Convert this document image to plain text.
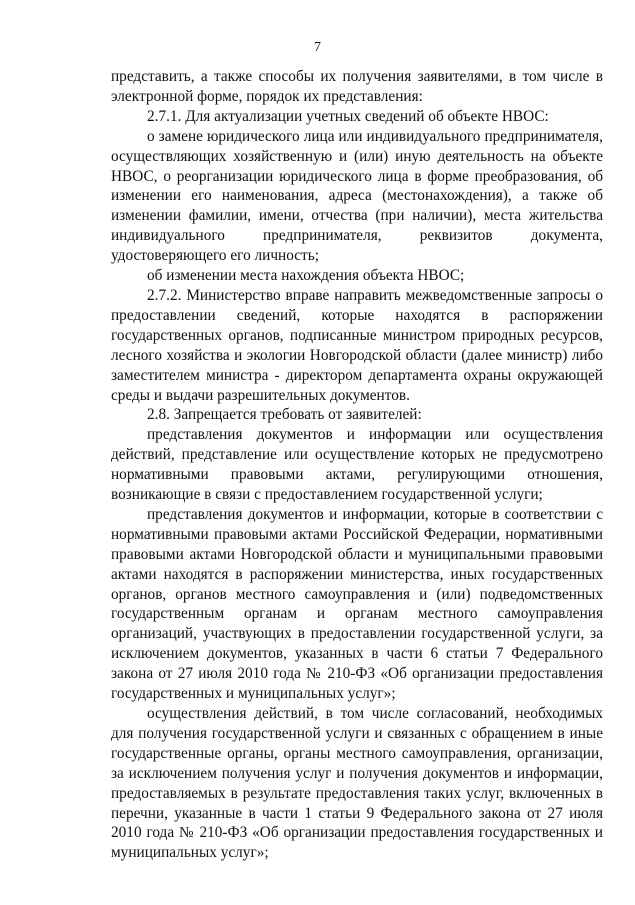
7

представить, а также способы их получения заявителями, в том числе в электронной форме, порядок их представления:

2.7.1. Для актуализации учетных сведений об объекте НВОС:

о замене юридического лица или индивидуального предпринимателя, осуществляющих хозяйственную и (или) иную деятельность на объекте НВОС, о реорганизации юридического лица в форме преобразования, об изменении его наименования, адреса (местонахождения), а также об изменении фамилии, имени, отчества (при наличии), места жительства индивидуального предпринимателя, реквизитов документа, удостоверяющего его личность;

об изменении места нахождения объекта НВОС;

2.7.2. Министерство вправе направить межведомственные запросы о предоставлении сведений, которые находятся в распоряжении государственных органов, подписанные министром природных ресурсов, лесного хозяйства и экологии Новгородской области (далее министр) либо заместителем министра - директором департамента охраны окружающей среды и выдачи разрешительных документов.

2.8. Запрещается требовать от заявителей:

представления документов и информации или осуществления действий, представление или осуществление которых не предусмотрено нормативными правовыми актами, регулирующими отношения, возникающие в связи с предоставлением государственной услуги;

представления документов и информации, которые в соответствии с нормативными правовыми актами Российской Федерации, нормативными правовыми актами Новгородской области и муниципальными правовыми актами находятся в распоряжении министерства, иных государственных органов, органов местного самоуправления и (или) подведомственных государственным органам и органам местного самоуправления организаций, участвующих в предоставлении государственной услуги, за исключением документов, указанных в части 6 статьи 7 Федерального закона от 27 июля 2010 года № 210-ФЗ «Об организации предоставления государственных и муниципальных услуг»;

осуществления действий, в том числе согласований, необходимых для получения государственной услуги и связанных с обращением в иные государственные органы, органы местного самоуправления, организации, за исключением получения услуг и получения документов и информации, предоставляемых в результате предоставления таких услуг, включенных в перечни, указанные в части 1 статьи 9 Федерального закона от 27 июля 2010 года № 210-ФЗ «Об организации предоставления государственных и муниципальных услуг»;
